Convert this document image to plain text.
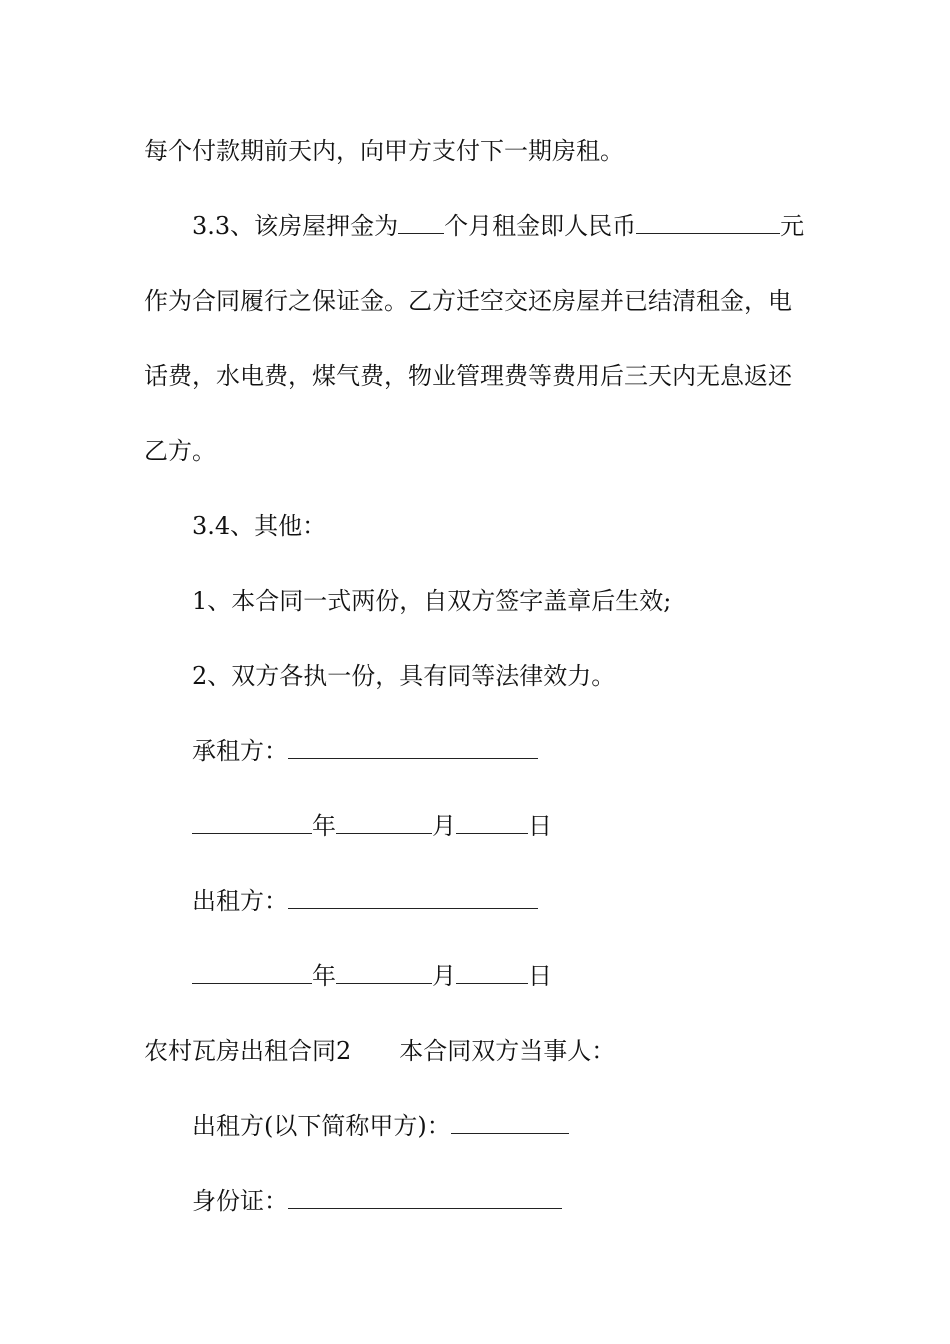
每个付款期前天内，向甲方支付下一期房租。

3.3、该房屋押金为 个月租金即人民币	元

作为合同履行之保证金。乙方迁空交还房屋并已结清租金，电

话费，水电费，煤气费，物业管理费等费用后三天内无息返还

乙方。

3.4、其他：

1、本合同一式两份，自双方签字盖章后生效;

2、双方各执一份，具有同等法律效力。

承租方：

年	月	日

出租方：

年	月	日

农村瓦房出租合同2 本合同双方当事人：

出租方(以下简称甲方)：

身份证：
